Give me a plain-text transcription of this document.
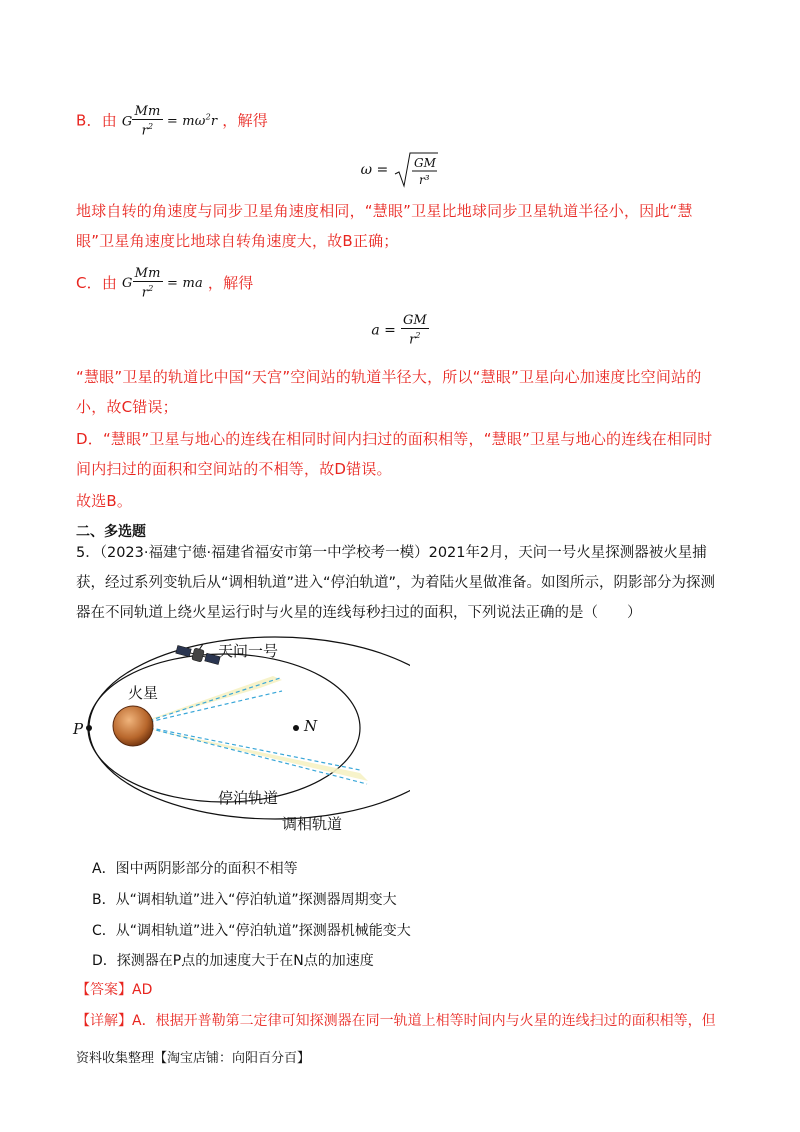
B．由 G $\frac{Mm}{r^2} = m\omega^2r$ ，解得
ω = GM
r³
地球自转的角速度与同步卫星角速度相同，“慧眼”卫星比地球同步卫星轨道半径小，因此“慧眼”卫星角速度比地球自转角速度大，故B正确；
C．由 G $\frac{Mm}{r^2}$ = ma ，解得
$a = \frac{GM}{r^2}$
“慧眼”卫星的轨道比中国“天宫”空间站的轨道半径大，所以“慧眼”卫星向心加速度比空间站的小，故C错误；
D．“慧眼”卫星与地心的连线在相同时间内扫过的面积相等，“慧眼”卫星与地心的连线在相同时间内扫过的面积和空间站的不相等，故D错误。
故选B。
二、多选题
5．（2023·福建宁德·福建省福安市第一中学校考一模）2021年2月，天问一号火星探测器被火星捕获，经过系列变轨后从“调相轨道”进入“停泊轨道”，为着陆火星做准备。如图所示，阴影部分为探测器在不同轨道上绕火星运行时与火星的连线每秒扫过的面积，下列说法正确的是（　　）
天问一号
火星
P	N
停泊轨道
调相轨道
A．图中两阴影部分的面积不相等
B．从“调相轨道”进入“停泊轨道”探测器周期变大
C．从“调相轨道”进入“停泊轨道”探测器机械能变大
D．探测器在P点的加速度大于在N点的加速度
【答案】AD
【详解】A．根据开普勒第二定律可知探测器在同一轨道上相等时间内与火星的连线扫过的面积相等，但
资料收集整理【淘宝店铺：向阳百分百】
